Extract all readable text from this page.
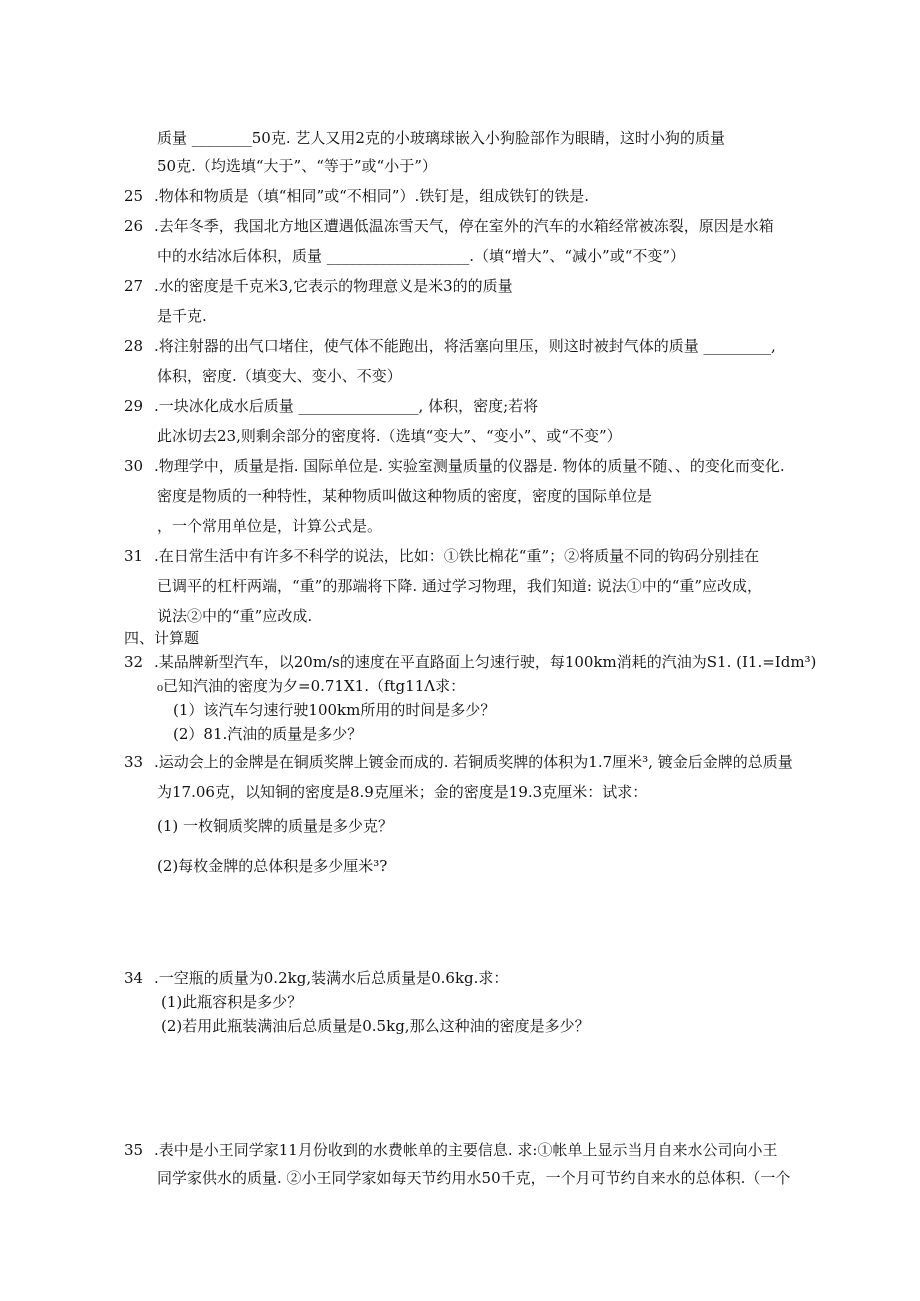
质量 ________50克. 艺人又用2克的小玻璃球嵌入小狗脸部作为眼睛，这时小狗的质量
50克.（均选填“大于”、“等于”或“小于”）
25 .物体和物质是（填“相同”或“不相同”）.铁钉是，组成铁钉的铁是.
26 .去年冬季，我国北方地区遭遇低温冻雪天气，停在室外的汽车的水箱经常被冻裂，原因是水箱
中的水结冰后体积，质量 ___________________.（填“增大”、“减小”或“不变”）
27 .水的密度是千克米3,它表示的物理意义是米3的的质量
是千克.
28 .将注射器的出气口堵住，使气体不能跑出，将活塞向里压，则这时被封气体的质量 _________,
体积，密度.（填变大、变小、不变）
29 .一块冰化成水后质量 ________________, 体积，密度;若将
此冰切去23,则剩余部分的密度将.（选填“变大”、“变小”、或“不变”）
30 .物理学中，质量是指. 国际单位是. 实验室测量质量的仪器是. 物体的质量不随、、的变化而变化.
密度是物质的一种特性，某种物质叫做这种物质的密度，密度的国际单位是
，一个常用单位是，计算公式是。
31 .在日常生活中有许多不科学的说法，比如：①铁比棉花“重”；②将质量不同的钩码分别挂在
已调平的杠杆两端，“重”的那端将下降. 通过学习物理，我们知道: 说法①中的“重”应改成，
说法②中的“重”应改成.
四、计算题
32 .某品牌新型汽车，以20m/s的速度在平直路面上匀速行驶，每100km消耗的汽油为S1. (I1.=Idm³)
₀已知汽油的密度为夕=0.71X1.（ftg11Λ求：
(1）该汽车匀速行驶100km所用的时间是多少？
(2）81.汽油的质量是多少？
33 .运动会上的金牌是在铜质奖牌上镀金而成的. 若铜质奖牌的体积为1.7厘米³, 镀金后金牌的总质量
为17.06克，以知铜的密度是8.9克厘米；金的密度是19.3克厘米：试求：
(1) 一枚铜质奖牌的质量是多少克？
(2)每枚金牌的总体积是多少厘米³?
34 .一空瓶的质量为0.2kg,装满水后总质量是0.6kg.求：
(1)此瓶容积是多少？
(2)若用此瓶装满油后总质量是0.5kg,那么这种油的密度是多少？
35 .表中是小王同学家11月份收到的水费帐单的主要信息. 求:①帐单上显示当月自来水公司向小王
同学家供水的质量. ②小王同学家如每天节约用水50千克，一个月可节约自来水的总体积.（一个
